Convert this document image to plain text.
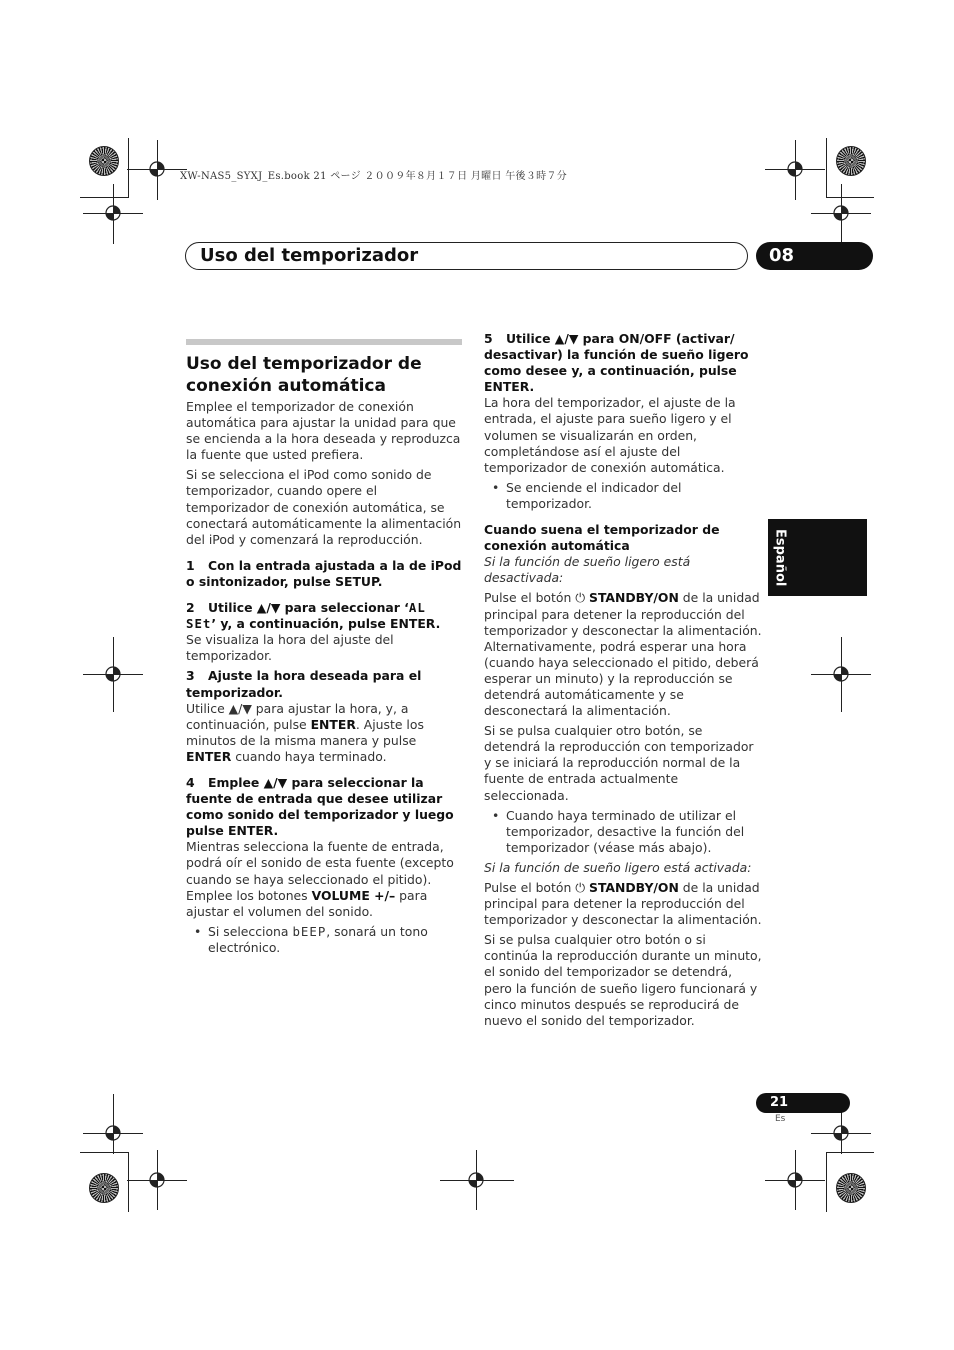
XW-NAS5_SYXJ_Es.book 21 ページ ２００９年８月１７日 月曜日 午後３時７分
Uso del temporizador	08
Español
21
Es
Uso del temporizador de conexión automática

Emplee el temporizador de conexión automática para ajustar la unidad para que se encienda a la hora deseada y reproduzca la fuente que usted prefiera.

Si se selecciona el iPod como sonido de temporizador, cuando opere el temporizador de conexión automática, se conectará automáticamente la alimentación del iPod y comenzará la reproducción.

1 Con la entrada ajustada a la de iPod o sintonizador, pulse SETUP.

2 Utilice ▲/▼ para seleccionar ‘AL SEt’ y, a continuación, pulse ENTER.

Se visualiza la hora del ajuste del temporizador.

3 Ajuste la hora deseada para el temporizador.

Utilice ▲/▼ para ajustar la hora, y, a continuación, pulse ENTER. Ajuste los minutos de la misma manera y pulse ENTER cuando haya terminado.

4 Emplee ▲/▼ para seleccionar la fuente de entrada que desee utilizar como sonido del temporizador y luego pulse ENTER.

Mientras selecciona la fuente de entrada, podrá oír el sonido de esta fuente (excepto cuando se haya seleccionado el pitido). Emplee los botones VOLUME +/– para ajustar el volumen del sonido.

• Si selecciona bEEP, sonará un tono electrónico.

5 Utilice ▲/▼ para ON/OFF (activar/ desactivar) la función de sueño ligero como desee y, a continuación, pulse ENTER.

La hora del temporizador, el ajuste de la entrada, el ajuste para sueño ligero y el volumen se visualizarán en orden, completándose así el ajuste del temporizador de conexión automática.

• Se enciende el indicador del temporizador.

Cuando suena el temporizador de conexión automática

Si la función de sueño ligero está desactivada:

Pulse el botón ⏻ STANDBY/ON de la unidad principal para detener la reproducción del temporizador y desconectar la alimentación. Alternativamente, podrá esperar una hora (cuando haya seleccionado el pitido, deberá esperar un minuto) y la reproducción se detendrá automáticamente y se desconectará la alimentación.

Si se pulsa cualquier otro botón, se detendrá la reproducción con temporizador y se iniciará la reproducción normal de la fuente de entrada actualmente seleccionada.

• Cuando haya terminado de utilizar el temporizador, desactive la función del temporizador (véase más abajo).

Si la función de sueño ligero está activada:

Pulse el botón ⏻ STANDBY/ON de la unidad principal para detener la reproducción del temporizador y desconectar la alimentación.

Si se pulsa cualquier otro botón o si continúa la reproducción durante un minuto, el sonido del temporizador se detendrá, pero la función de sueño ligero funcionará y cinco minutos después se reproducirá de nuevo el sonido del temporizador.
